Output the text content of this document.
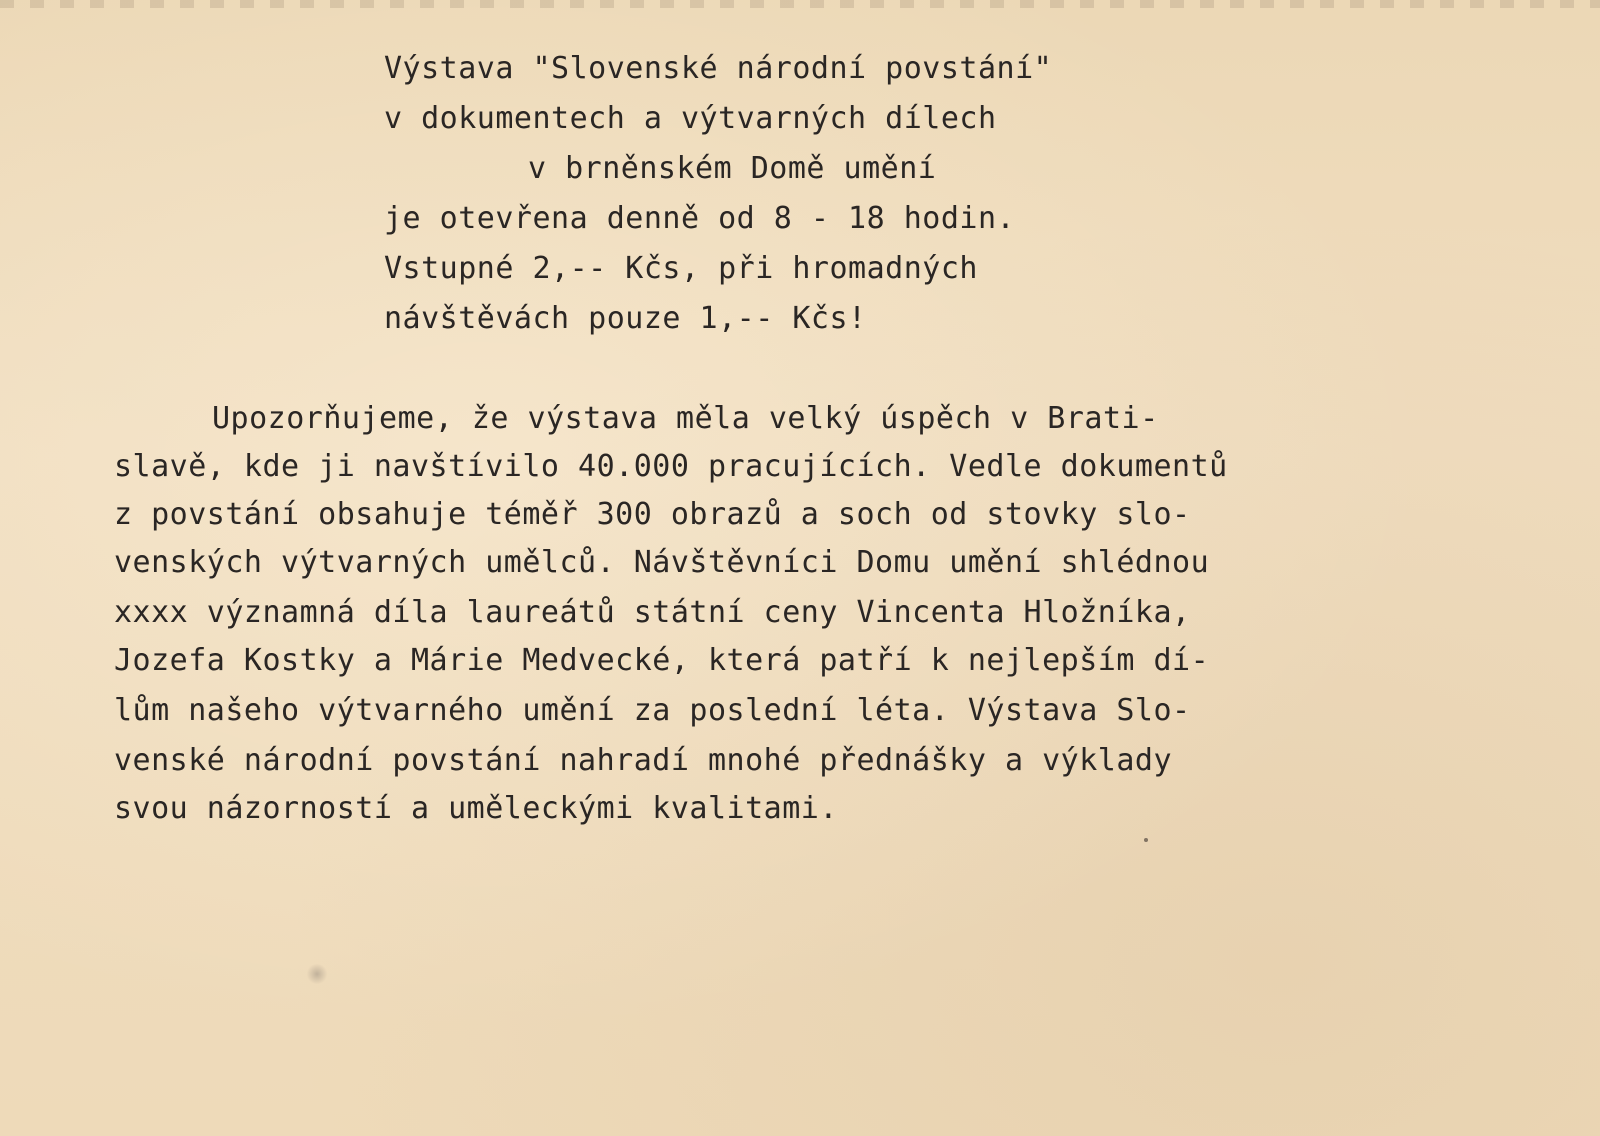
Výstava "Slovenské národní povstání"
v dokumentech a výtvarných dílech
v brněnském Domě umění
je otevřena denně od 8 - 18 hodin.
Vstupné 2,-- Kčs, při hromadných
návštěvách pouze 1,-- Kčs!
Upozorňujeme, že výstava měla velký úspěch v Brati-
slavě, kde ji navštívilo 40.000 pracujících. Vedle dokumentů
z povstání obsahuje téměř 300 obrazů a soch od stovky slo-
venských výtvarných umělců. Návštěvníci Domu umění shlédnou
xxxx významná díla laureátů státní ceny Vincenta Hložníka,
Jozefa Kostky a Márie Medvecké, která patří k nejlepším dí-
lům našeho výtvarného umění za poslední léta. Výstava Slo-
venské národní povstání nahradí mnohé přednášky a výklady
svou názorností a uměleckými kvalitami.
